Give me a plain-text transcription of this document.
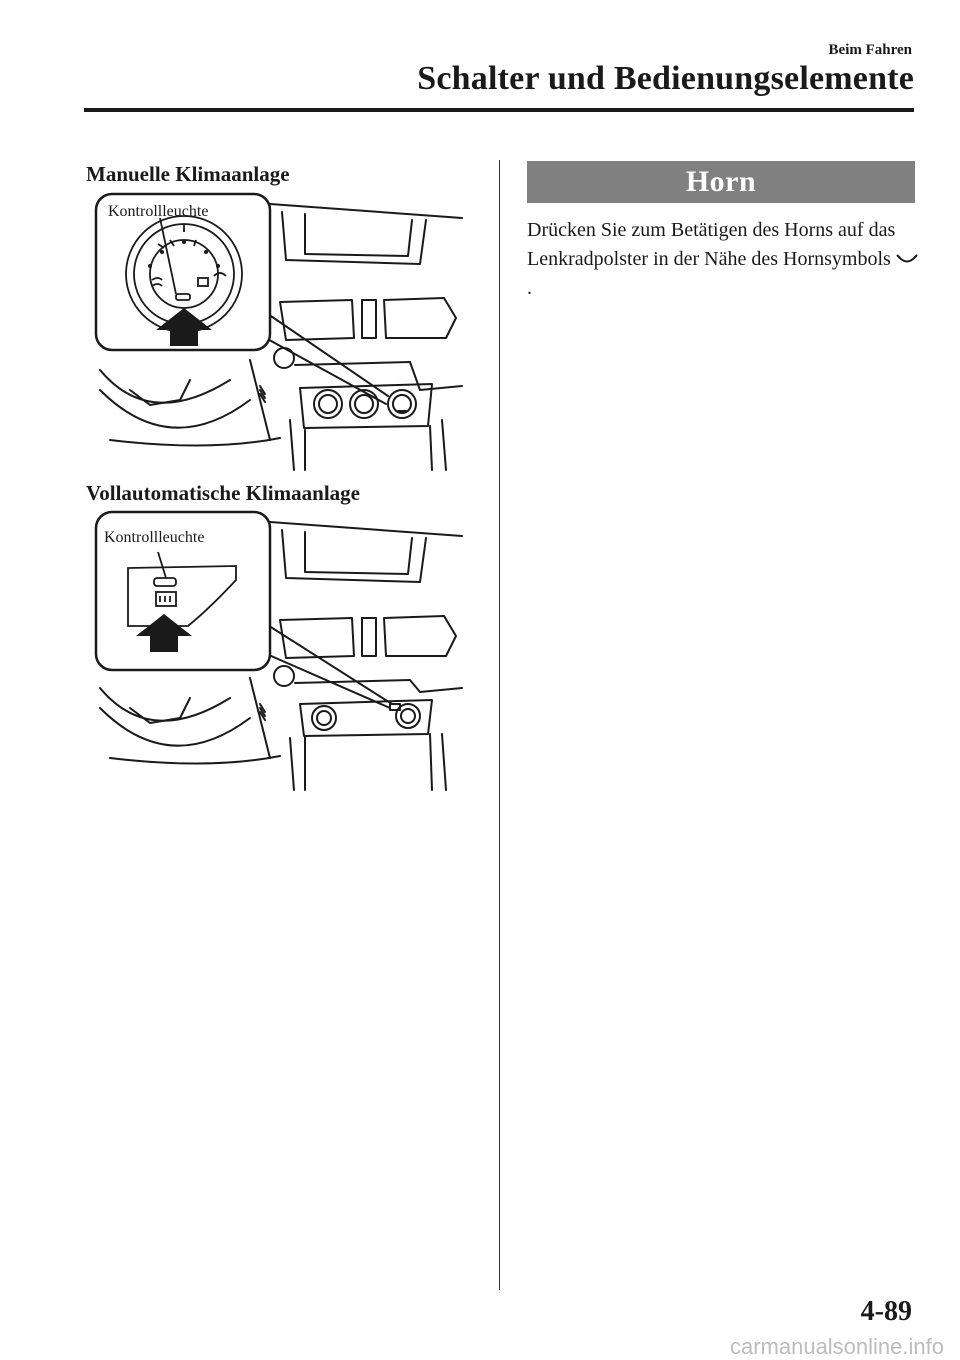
Beim Fahren
Schalter und Bedienungselemente
Manuelle Klimaanlage
Kontrollleuchte
Vollautomatische Klimaanlage
Kontrollleuchte
Horn
Drücken Sie zum Betätigen des Horns auf das Lenkradpolster in der Nähe des Hornsymbols .
4-89
carmanualsonline.info
